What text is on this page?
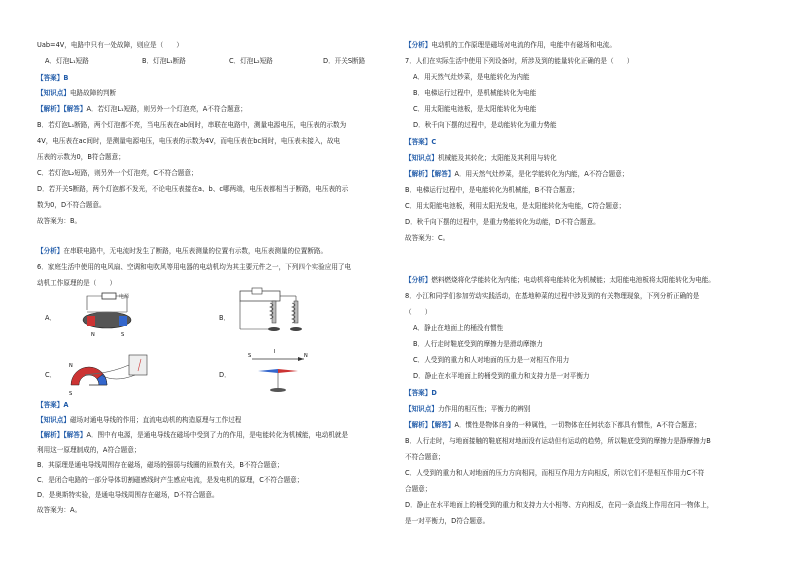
Uab=4V，电路中只有一处故障，则应是（　　）
A．灯泡L₁短路	B．灯泡L₁断路	C．灯泡L₂短路	D．开关S断路
【答案】B
【知识点】电路故障的判断
【解析】【解答】A．若灯泡L₁短路，则另外一个灯泡亮，A不符合题意；
B．若灯泡L₁断路，两个灯泡都不亮，当电压表在ab间时，串联在电路中，测量电源电压，电压表的示数为
4V，电压表在ac间时，是测量电源电压，电压表的示数为4V，而电压表在bc间时，电压表未接入，故电
压表的示数为0，B符合题意；
C．若灯泡L₂短路，则另外一个灯泡亮，C不符合题意；
D．若开关S断路，两个灯泡都不发光，不论电压表接在a、b、c哪两端，电压表都相当于断路，电压表的示
数为0，D不符合题意。
故答案为：B。
【分析】在串联电路中，无电流时发生了断路，电压表测量的位置有示数，电压表测量的位置断路。
6．家庭生活中使用的电风扇、空调和电吹风等用电器的电动机均为其主要元件之一，下列四个实验应用了电
动机工作原理的是（　　）
A．
电源
N	S
B．
C．
N
S
D．
I
S	N
【答案】A
【知识点】磁场对通电导线的作用；直流电动机的构造原理与工作过程
【解析】【解答】A．图中有电源，是通电导线在磁场中受到了力的作用，是电能转化为机械能，电动机就是
利用这一原理制成的，A符合题意；
B．其原理是通电导线周围存在磁场，磁场的强弱与线圈的匝数有关，B不符合题意；
C．是闭合电路的一部分导体切割磁感线时产生感应电流，是发电机的原理，C不符合题意；
D．是奥斯特实验，是通电导线周围存在磁场，D不符合题意。
故答案为：A。
【分析】电动机的工作原理是磁场对电流的作用，电能中有磁场和电流。
7．人们在实际生活中使用下列设备时，所涉及到的能量转化正确的是（　　）
A．用天然气灶炒菜，是电能转化为内能
B．电梯运行过程中，是机械能转化为电能
C．用太阳能电池板，是太阳能转化为电能
D．秋千向下摆的过程中，是动能转化为重力势能
【答案】C
【知识点】机械能及其转化；太阳能及其利用与转化
【解析】【解答】A．用天然气灶炒菜，是化学能转化为内能，A不符合题意；
B．电梯运行过程中，是电能转化为机械能，B不符合题意；
C．用太阳能电池板，利用太阳光发电，是太阳能转化为电能，C符合题意；
D．秋千向下摆的过程中，是重力势能转化为动能，D不符合题意。
故答案为：C。
【分析】燃料燃烧将化学能转化为内能；电动机将电能转化为机械能；太阳能电池板将太阳能转化为电能。
8．小江和同学们参加劳动实践活动，在基地种菜的过程中涉及到的有关物理现象，下列分析正确的是
（　　）
A．静止在地面上的桶没有惯性
B．人行走时鞋底受到的摩擦力是滑动摩擦力
C．人受到的重力和人对地面的压力是一对相互作用力
D．静止在水平地面上的桶受到的重力和支持力是一对平衡力
【答案】D
【知识点】力作用的相互性；平衡力的辨别
【解析】【解答】A．惯性是物体自身的一种属性，一切物体在任何状态下都具有惯性，A不符合题意；
B．人行走时，与地面接触的鞋底相对地面没有运动但有运动的趋势，所以鞋底受到的摩擦力是静摩擦力B
不符合题意；
C．人受到的重力和人对地面的压力方向相同，而相互作用力方向相反，所以它们不是相互作用力C不符
合题意；
D．静止在水平地面上的桶受到的重力和支持力大小相等、方向相反，在同一条直线上作用在同一物体上，
是一对平衡力，D符合题意。
